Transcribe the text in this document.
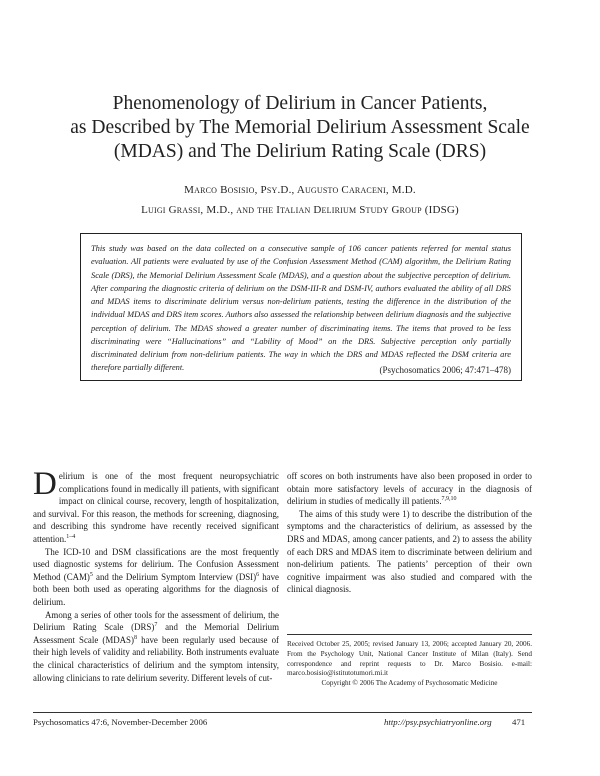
Phenomenology of Delirium in Cancer Patients,
as Described by The Memorial Delirium Assessment Scale
(MDAS) and The Delirium Rating Scale (DRS)
Marco Bosisio, Psy.D., Augusto Caraceni, M.D.
Luigi Grassi, M.D., and the Italian Delirium Study Group (IDSG)

This study was based on the data collected on a consecutive sample of 106 cancer patients referred for mental status evaluation. All patients were evaluated by use of the Confusion Assessment Method (CAM) algorithm, the Delirium Rating Scale (DRS), the Memorial Delirium Assessment Scale (MDAS), and a question about the subjective perception of delirium. After comparing the diagnostic criteria of delirium on the DSM-III-R and DSM-IV, authors evaluated the ability of all DRS and MDAS items to discriminate delirium versus non-delirium patients, testing the difference in the distribution of the individual MDAS and DRS item scores. Authors also assessed the relationship between delirium diagnosis and the subjective perception of delirium. The MDAS showed a greater number of discriminating items. The items that proved to be less discriminating were “Hallucinations” and “Lability of Mood” on the DRS. Subjective perception only partially discriminated delirium from non-delirium patients. The way in which the DRS and MDAS reflected the DSM criteria are therefore partially different.	(Psychosomatics 2006; 47:471–478)

Delirium is one of the most frequent neuropsychiatric complications found in medically ill patients, with significant impact on clinical course, recovery, length of hospitalization, and survival. For this reason, the methods for screening, diagnosing, and describing this syndrome have recently received significant attention.$^{1-4}$

The ICD-10 and DSM classifications are the most frequently used diagnostic systems for delirium. The Confusion Assessment Method (CAM)$^5$ and the Delirium Symptom Interview (DSI)$^6$ have both been both used as operating algorithms for the diagnosis of delirium.

Among a series of other tools for the assessment of delirium, the Delirium Rating Scale (DRS)$^7$ and the Memorial Delirium Assessment Scale (MDAS)$^8$ have been regularly used because of their high levels of validity and reliability. Both instruments evaluate the clinical characteristics of delirium and the symptom intensity, allowing clinicians to rate delirium severity. Different levels of cut-

off scores on both instruments have also been proposed in order to obtain more satisfactory levels of accuracy in the diagnosis of delirium in studies of medically ill patients.$^{7,9,10}$

The aims of this study were 1) to describe the distribution of the symptoms and the characteristics of delirium, as assessed by the DRS and MDAS, among cancer patients, and 2) to assess the ability of each DRS and MDAS item to discriminate between delirium and non-delirium patients. The patients’ perception of their own cognitive impairment was also studied and compared with the clinical diagnosis.

Received October 25, 2005; revised January 13, 2006; accepted January 20, 2006. From the Psychology Unit, National Cancer Institute of Milan (Italy). Send correspondence and reprint requests to Dr. Marco Bosisio. e-mail: marco.bosisio@istitutotumori.mi.it
Copyright © 2006 The Academy of Psychosomatic Medicine
Psychosomatics 47:6, November-December 2006	http://psy.psychiatryonline.org 471
